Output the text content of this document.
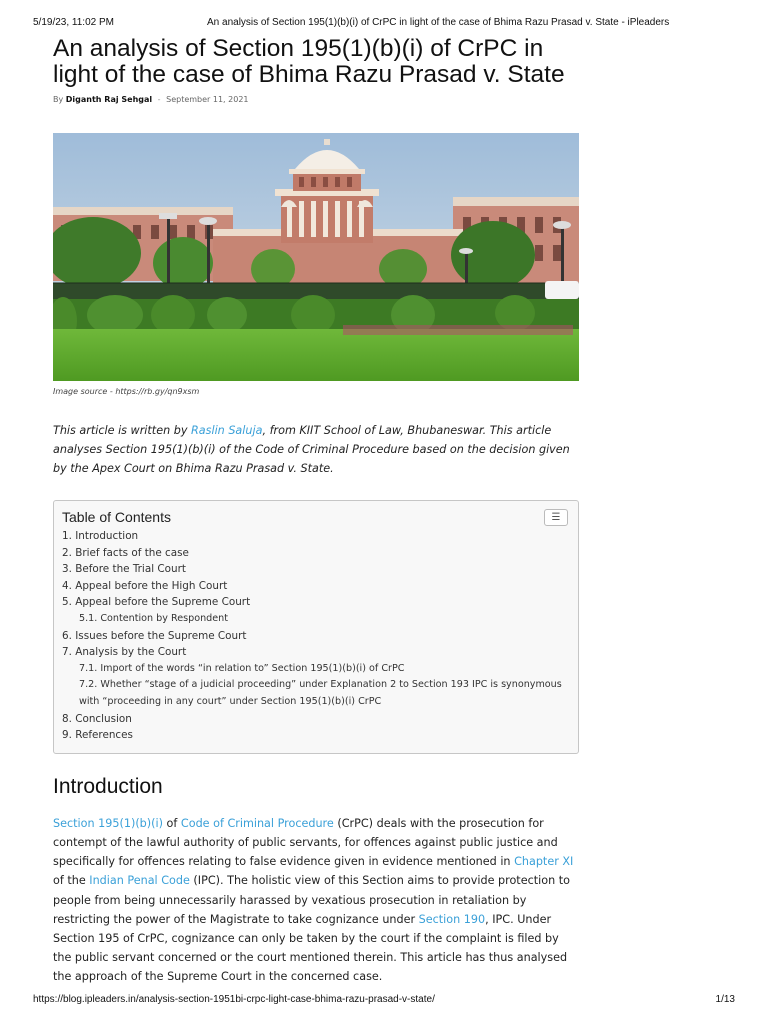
5/19/23, 11:02 PM	An analysis of Section 195(1)(b)(i) of CrPC in light of the case of Bhima Razu Prasad v. State - iPleaders
An analysis of Section 195(1)(b)(i) of CrPC in light of the case of Bhima Razu Prasad v. State
By Diganth Raj Sehgal - September 11, 2021
Image source - https://rb.gy/qn9xsm

This article is written by Raslin Saluja, from KIIT School of Law, Bhubaneswar. This article analyses Section 195(1)(b)(i) of the Code of Criminal Procedure based on the decision given by the Apex Court on Bhima Razu Prasad v. State.

Table of Contents	☰
1. Introduction
2. Brief facts of the case
3. Before the Trial Court
4. Appeal before the High Court
5. Appeal before the Supreme Court
5.1. Contention by Respondent
6. Issues before the Supreme Court
7. Analysis by the Court
7.1. Import of the words “in relation to” Section 195(1)(b)(i) of CrPC
7.2. Whether “stage of a judicial proceeding” under Explanation 2 to Section 193 IPC is synonymous with “proceeding in any court” under Section 195(1)(b)(i) CrPC
8. Conclusion
9. References
Introduction

Section 195(1)(b)(i) of Code of Criminal Procedure (CrPC) deals with the prosecution for contempt of the lawful authority of public servants, for offences against public justice and specifically for offences relating to false evidence given in evidence mentioned in Chapter XI of the Indian Penal Code (IPC). The holistic view of this Section aims to provide protection to people from being unnecessarily harassed by vexatious prosecution in retaliation by restricting the power of the Magistrate to take cognizance under Section 190, IPC. Under Section 195 of CrPC, cognizance can only be taken by the court if the complaint is filed by the public servant concerned or the court mentioned therein. This article has thus analysed the approach of the Supreme Court in the concerned case.

https://blog.ipleaders.in/analysis-section-1951bi-crpc-light-case-bhima-razu-prasad-v-state/	1/13
